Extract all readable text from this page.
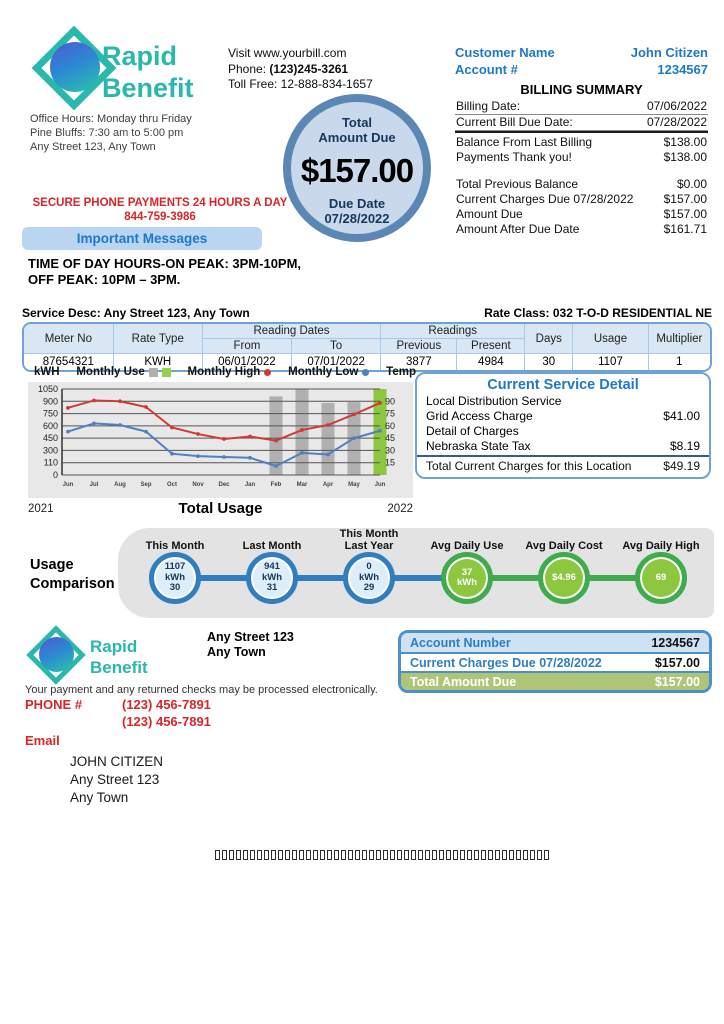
Rapid
Benefit
Office Hours: Monday thru Friday
Pine Bluffs: 7:30 am to 5:00 pm
Any Street 123, Any Town
Visit www.yourbill.com
Phone: (123)245-3261
Toll Free: 12-888-834-1657
Total
Amount Due
$157.00
Due Date
07/28/2022
Customer Name	John Citizen
Account #	1234567
BILLING SUMMARY
Billing Date:	07/06/2022
Current Bill Due Date:	07/28/2022
Balance From Last Billing	$138.00
Payments Thank you!	$138.00
Total Previous Balance	$0.00
Current Charges Due 07/28/2022	$157.00
Amount Due	$157.00
Amount After Due Date	$161.71
SECURE PHONE PAYMENTS 24 HOURS A DAY
844-759-3986
Important Messages
TIME OF DAY HOURS-ON PEAK: 3PM-10PM,
OFF PEAK: 10PM – 3PM.
Service Desc: Any Street 123, Any Town	Rate Class: 032 T-O-D RESIDENTIAL NE
Meter No	Rate Type	Reading Dates		Readings		Days	Usage	Multiplier
		From	To	Previous	Present			
87654321	KWH	06/01/2022	07/01/2022	3877	4984	30	1107	1
kWH Monthly Use	Monthly High Monthly Low Temp
1050
900	90
750	75
600	60
450	45
300	30
110	15
0
Jun	Jul	Aug Sep	Oct	Nov Dec	Jan	Feb	Mar	Apr May Jun
2021	Total Usage	2022
Current Service Detail
Local Distribution Service
Grid Access Charge	$41.00
Detail of Charges
Nebraska State Tax	$8.19
Total Current Charges for this Location	$49.19
Usage
Comparison
This Month
1107
kWh
30
Last Month
941
kWh
31
This Month
Last Year
0
kWh
29
Avg Daily Use
37
kWh
Avg Daily Cost
$4.96
Avg Daily High
69
Rapid
Benefit
Any Street 123
Any Town
Account Number	1234567
Current Charges Due 07/28/2022	$157.00
Total Amount Due	$157.00
Your payment and any returned checks may be processed electronically.
PHONE #	(123) 456-7891
(123) 456-7891
Email
JOHN CITIZEN
Any Street 123
Any Town
